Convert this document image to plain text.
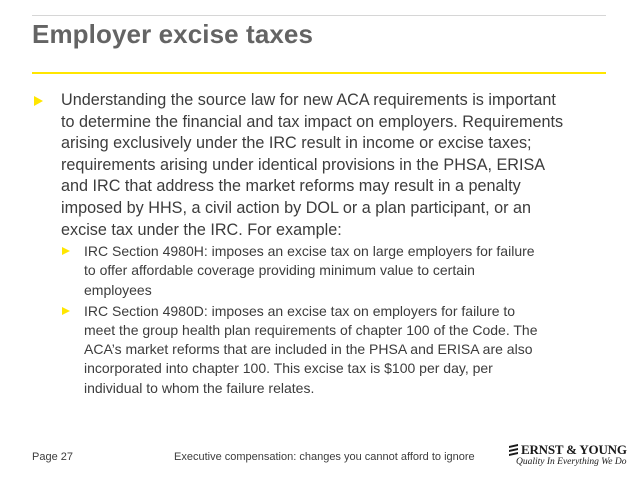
Employer excise taxes
Understanding the source law for new ACA requirements is important
to determine the financial and tax impact on employers. Requirements
arising exclusively under the IRC result in income or excise taxes;
requirements arising under identical provisions in the PHSA, ERISA
and IRC that address the market reforms may result in a penalty
imposed by HHS, a civil action by DOL or a plan participant, or an
excise tax under the IRC. For example:
IRC Section 4980H: imposes an excise tax on large employers for failure
to offer affordable coverage providing minimum value to certain
employees
IRC Section 4980D: imposes an excise tax on employers for failure to
meet the group health plan requirements of chapter 100 of the Code. The
ACA’s market reforms that are included in the PHSA and ERISA are also
incorporated into chapter 100. This excise tax is $100 per day, per
individual to whom the failure relates.
Page 27	Executive compensation: changes you cannot afford to ignore	ERNST & YOUNG
Quality In Everything We Do
